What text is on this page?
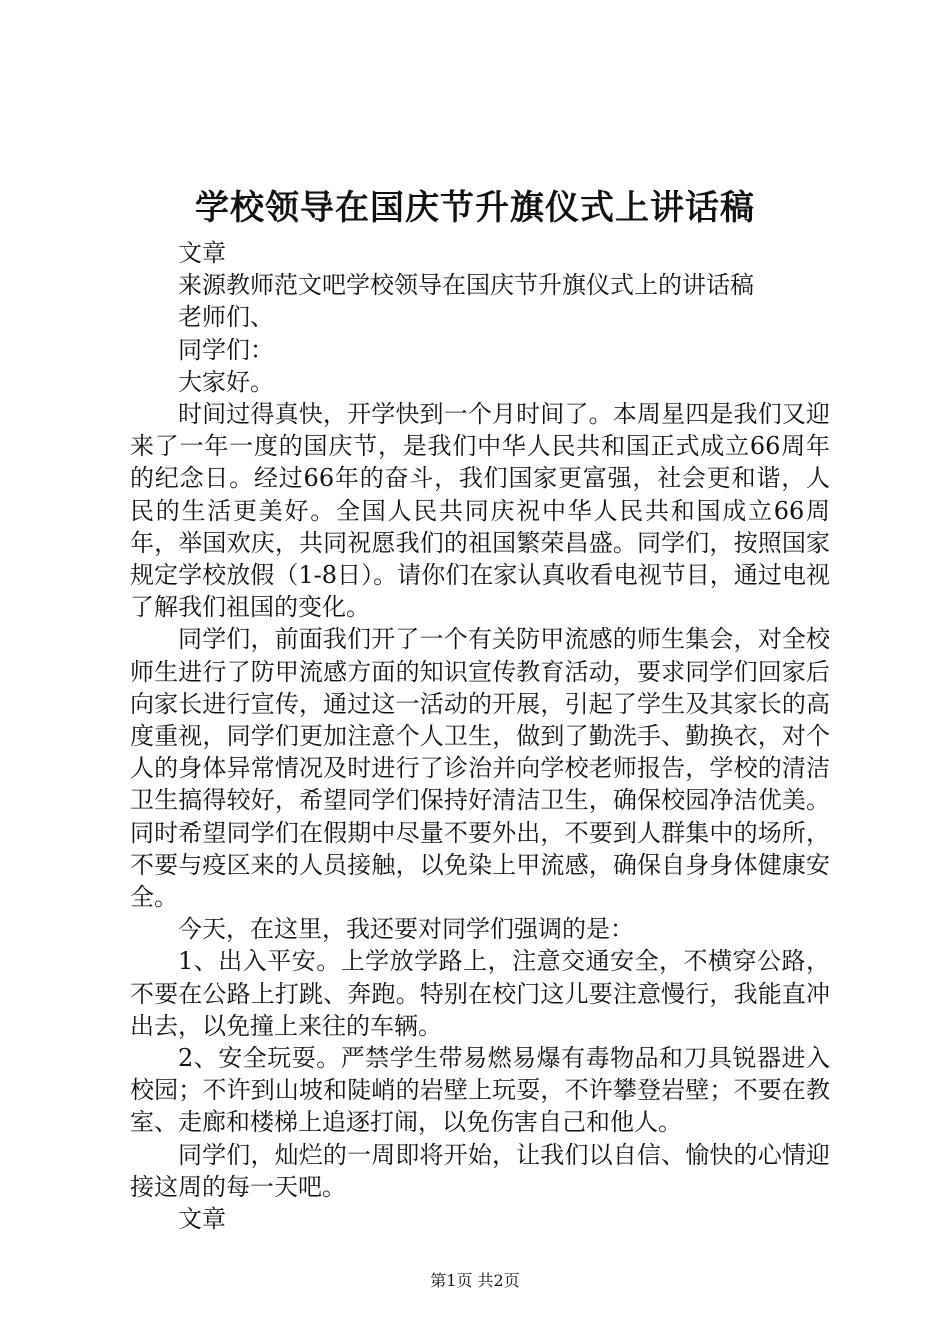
学校领导在国庆节升旗仪式上讲话稿

文章

来源教师范文吧学校领导在国庆节升旗仪式上的讲话稿

老师们、

同学们：

大家好。

时间过得真快，开学快到一个月时间了。本周星四是我们又迎来了一年一度的国庆节，是我们中华人民共和国正式成立66周年的纪念日。经过66年的奋斗，我们国家更富强，社会更和谐，人民的生活更美好。全国人民共同庆祝中华人民共和国成立66周年，举国欢庆，共同祝愿我们的祖国繁荣昌盛。同学们，按照国家规定学校放假（1-8日）。请你们在家认真收看电视节目，通过电视了解我们祖国的变化。

同学们，前面我们开了一个有关防甲流感的师生集会，对全校师生进行了防甲流感方面的知识宣传教育活动，要求同学们回家后向家长进行宣传，通过这一活动的开展，引起了学生及其家长的高度重视，同学们更加注意个人卫生，做到了勤洗手、勤换衣，对个人的身体异常情况及时进行了诊治并向学校老师报告，学校的清洁卫生搞得较好，希望同学们保持好清洁卫生，确保校园净洁优美。同时希望同学们在假期中尽量不要外出，不要到人群集中的场所，不要与疫区来的人员接触，以免染上甲流感，确保自身身体健康安全。

今天，在这里，我还要对同学们强调的是：

1、出入平安。上学放学路上，注意交通安全，不横穿公路，不要在公路上打跳、奔跑。特别在校门这儿要注意慢行，我能直冲出去，以免撞上来往的车辆。

2、安全玩耍。严禁学生带易燃易爆有毒物品和刀具锐器进入校园；不许到山坡和陡峭的岩壁上玩耍，不许攀登岩壁；不要在教室、走廊和楼梯上追逐打闹，以免伤害自己和他人。

同学们，灿烂的一周即将开始，让我们以自信、愉快的心情迎接这周的每一天吧。

文章

第1页 共2页
